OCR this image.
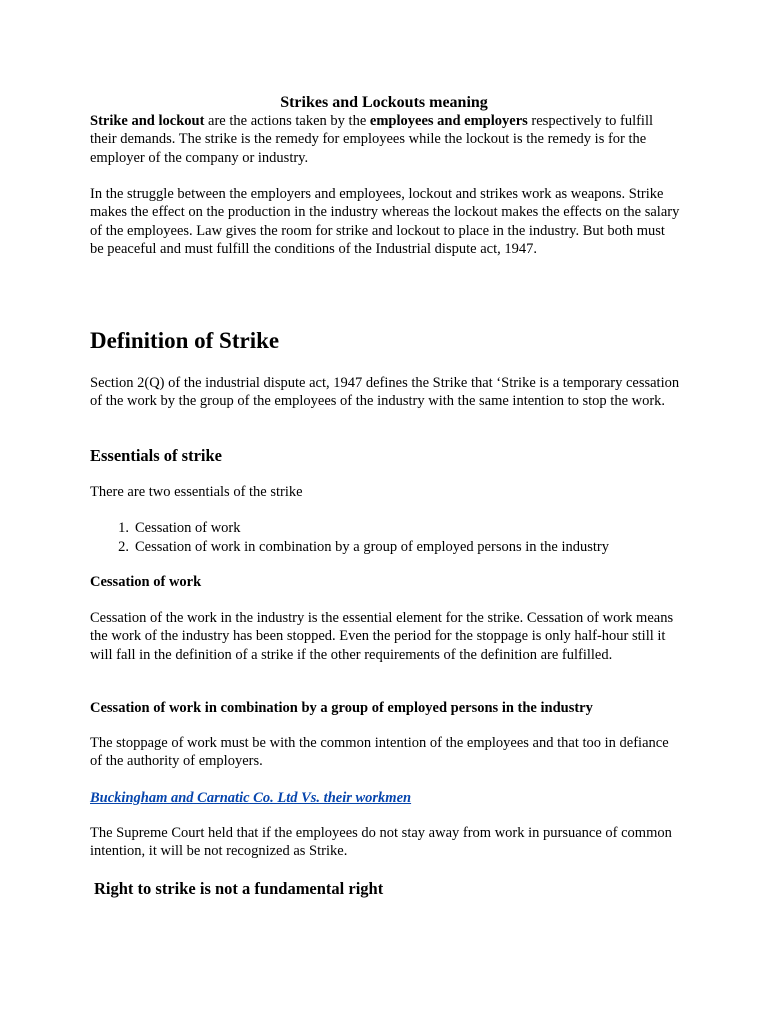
Strikes and Lockouts meaning

Strike and lockout are the actions taken by the employees and employers respectively to fulfill their demands. The strike is the remedy for employees while the lockout is the remedy is for the employer of the company or industry.

In the struggle between the employers and employees, lockout and strikes work as weapons. Strike makes the effect on the production in the industry whereas the lockout makes the effects on the salary of the employees. Law gives the room for strike and lockout to place in the industry. But both must be peaceful and must fulfill the conditions of the Industrial dispute act, 1947.

Definition of Strike

Section 2(Q) of the industrial dispute act, 1947 defines the Strike that ‘Strike is a temporary cessation of the work by the group of the employees of the industry with the same intention to stop the work.

Essentials of strike

There are two essentials of the strike

1. Cessation of work
2. Cessation of work in combination by a group of employed persons in the industry
Cessation of work

Cessation of the work in the industry is the essential element for the strike. Cessation of work means the work of the industry has been stopped. Even the period for the stoppage is only half-hour still it will fall in the definition of a strike if the other requirements of the definition are fulfilled.

Cessation of work in combination by a group of employed persons in the industry

The stoppage of work must be with the common intention of the employees and that too in defiance of the authority of employers.

Buckingham and Carnatic Co. Ltd Vs. their workmen

The Supreme Court held that if the employees do not stay away from work in pursuance of common intention, it will be not recognized as Strike.

Right to strike is not a fundamental right
